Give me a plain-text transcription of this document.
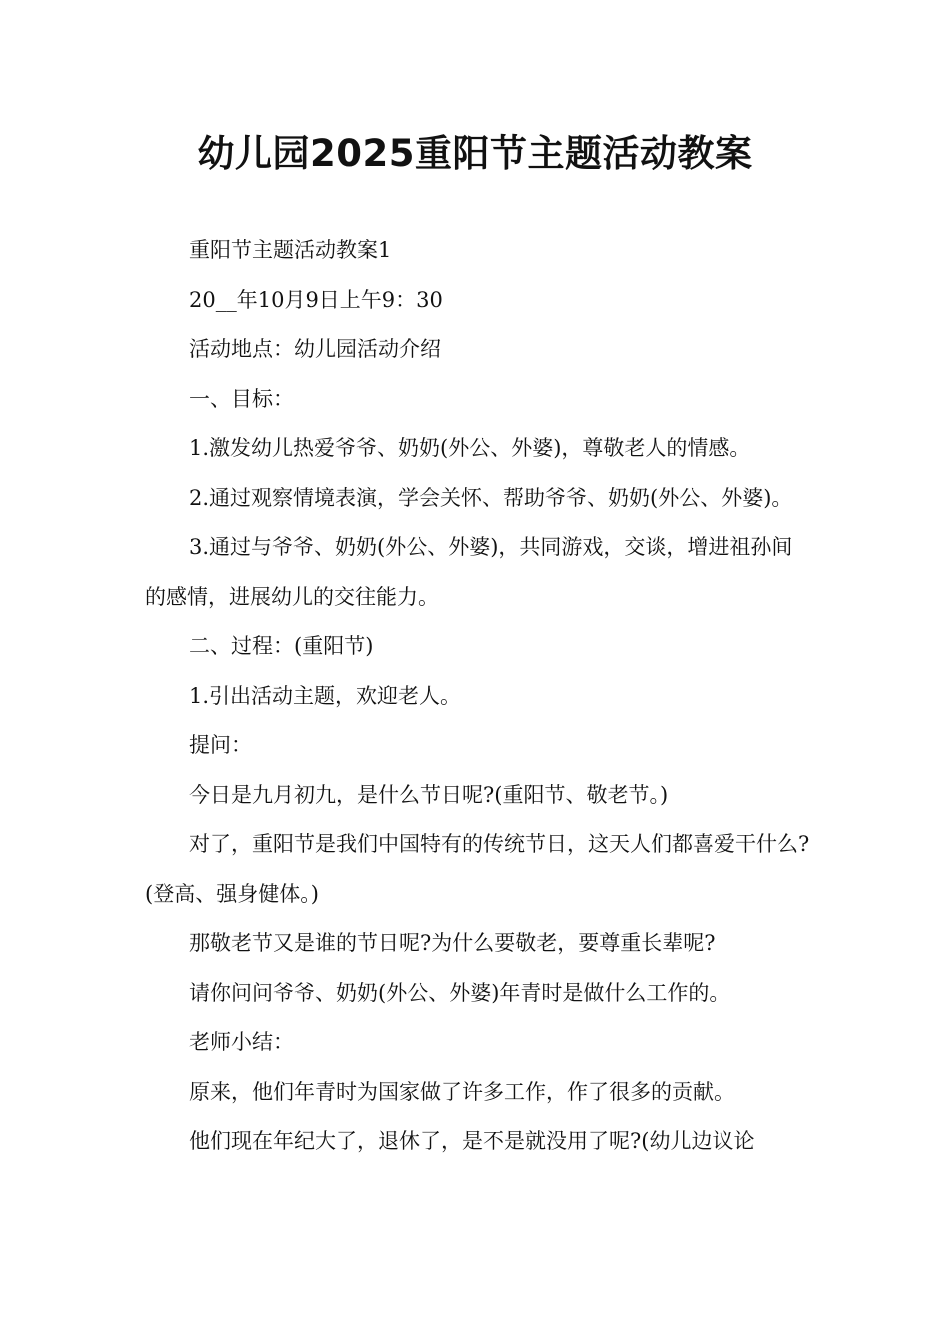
幼儿园2025重阳节主题活动教案

重阳节主题活动教案1

20__年10月9日上午9：30

活动地点：幼儿园活动介绍

一、目标：

1.激发幼儿热爱爷爷、奶奶(外公、外婆)，尊敬老人的情感。

2.通过观察情境表演，学会关怀、帮助爷爷、奶奶(外公、外婆)。

3.通过与爷爷、奶奶(外公、外婆)，共同游戏，交谈，增进祖孙间的感情，进展幼儿的交往能力。

二、过程：(重阳节)

1.引出活动主题，欢迎老人。

提问：

今日是九月初九，是什么节日呢?(重阳节、敬老节。)

对了，重阳节是我们中国特有的传统节日，这天人们都喜爱干什么?(登高、强身健体。)

那敬老节又是谁的节日呢?为什么要敬老，要尊重长辈呢?

请你问问爷爷、奶奶(外公、外婆)年青时是做什么工作的。

老师小结：

原来，他们年青时为国家做了许多工作，作了很多的贡献。

他们现在年纪大了，退休了，是不是就没用了呢?(幼儿边议论
